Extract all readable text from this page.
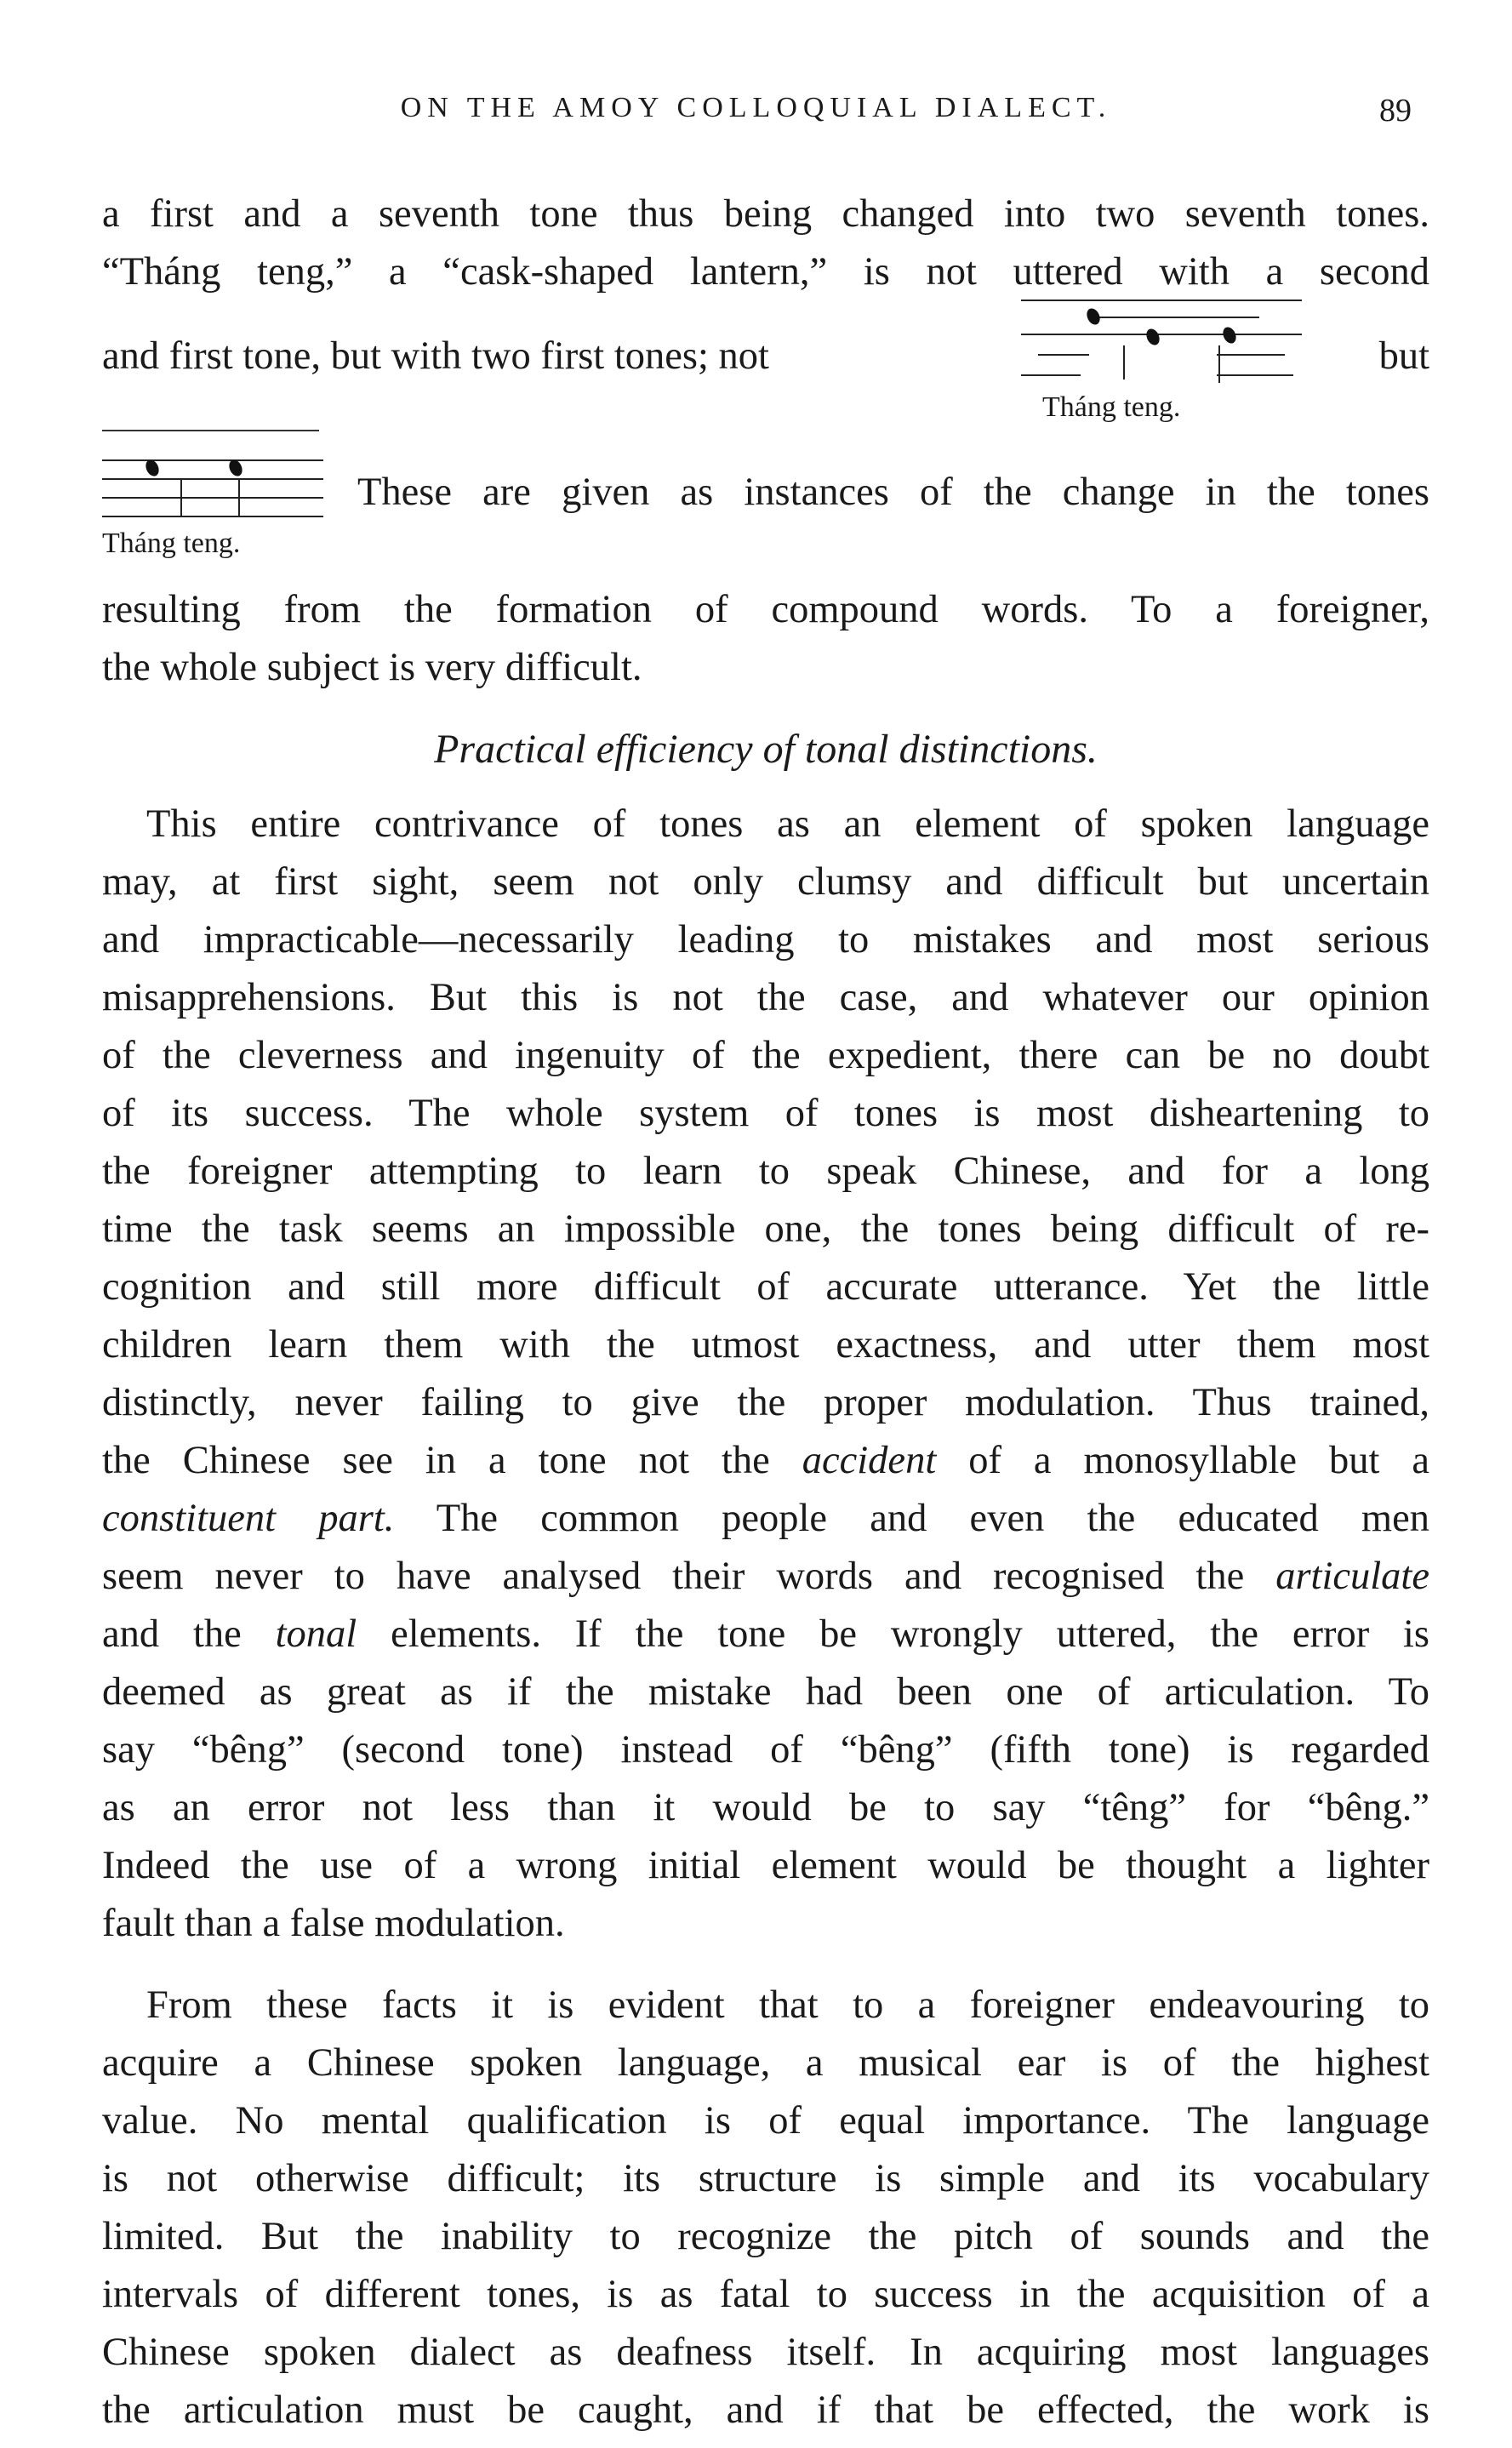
ON THE AMOY COLLOQUIAL DIALECT.	89
a first and a seventh tone thus being changed into two seventh tones.
“Tháng teng,” a “cask-shaped lantern,” is not uttered with a second
and first tone, but with two first tones; not	but
Tháng teng.
Tháng teng.
These are given as instances of the change in the tones
resulting from the formation of compound words. To a foreigner,
the whole subject is very difficult.
Practical efficiency of tonal distinctions.
This entire contrivance of tones as an element of spoken language
may, at first sight, seem not only clumsy and difficult but uncertain
and impracticable—necessarily leading to mistakes and most serious
misapprehensions. But this is not the case, and whatever our opinion
of the cleverness and ingenuity of the expedient, there can be no doubt
of its success. The whole system of tones is most disheartening to
the foreigner attempting to learn to speak Chinese, and for a long
time the task seems an impossible one, the tones being difficult of re-
cognition and still more difficult of accurate utterance. Yet the little
children learn them with the utmost exactness, and utter them most
distinctly, never failing to give the proper modulation. Thus trained,
the Chinese see in a tone not the accident of a monosyllable but a
constituent part. The common people and even the educated men
seem never to have analysed their words and recognised the articulate
and the tonal elements. If the tone be wrongly uttered, the error is
deemed as great as if the mistake had been one of articulation. To
say “bêng” (second tone) instead of “bêng” (fifth tone) is regarded
as an error not less than it would be to say “têng” for “bêng.”
Indeed the use of a wrong initial element would be thought a lighter
fault than a false modulation.
From these facts it is evident that to a foreigner endeavouring to
acquire a Chinese spoken language, a musical ear is of the highest
value. No mental qualification is of equal importance. The language
is not otherwise difficult; its structure is simple and its vocabulary
limited. But the inability to recognize the pitch of sounds and the
intervals of different tones, is as fatal to success in the acquisition of a
Chinese spoken dialect as deafness itself. In acquiring most languages
the articulation must be caught, and if that be effected, the work is
